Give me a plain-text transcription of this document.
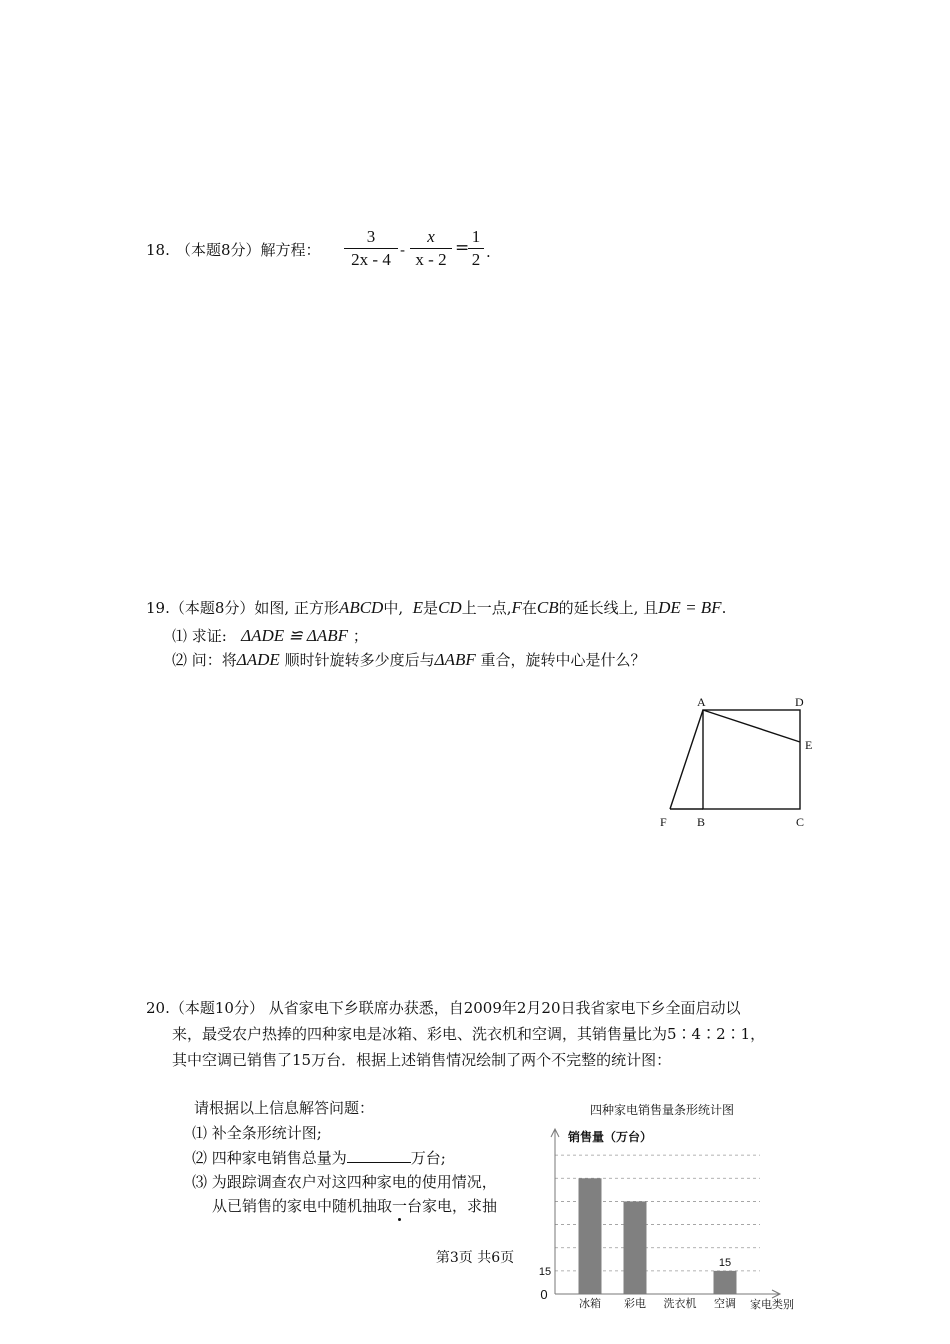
18. （本题8分）解方程：
3
2x - 4 -
x
x - 2
=
1
2 .
19.（本题8分）如图, 正方形ABCD中, E是CD上一点,F在CB的延长线上, 且DE = BF.
⑴ 求证: ΔADE ≌ ΔABF ；
⑵ 问：将ΔADE 顺时针旋转多少度后与ΔABF 重合，旋转中心是什么？
A	D
E
F	B	C
20.（本题10分） 从省家电下乡联席办获悉，自2009年2月20日我省家电下乡全面启动以
来，最受农户热捧的四种家电是冰箱、彩电、洗衣机和空调，其销售量比为5∶4∶2∶1，
其中空调已销售了15万台．根据上述销售情况绘制了两个不完整的统计图：
请根据以上信息解答问题：
⑴ 补全条形统计图;
⑵ 四种家电销售总量为	万台;
⑶ 为跟踪调查农户对这四种家电的使用情况，
从已销售的家电中随机抽取一台家电，求抽
四种家电销售量条形统计图
销售量（万台）
家电类别
15
冰箱 彩电 洗衣机 空调
0
15
第3页 共6页
